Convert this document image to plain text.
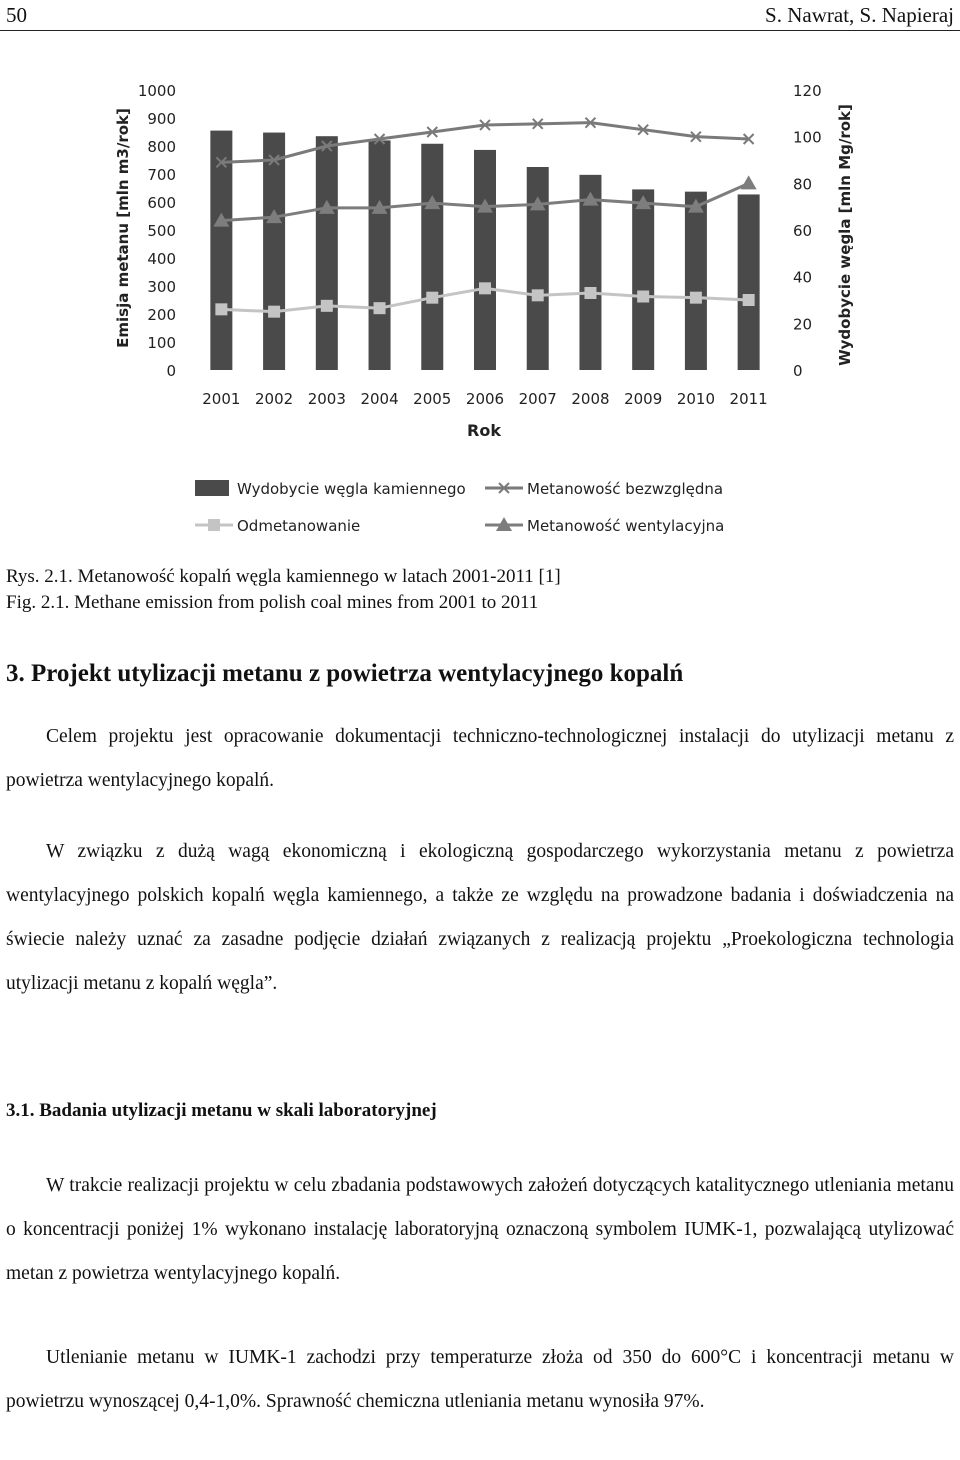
50	S. Nawrat, S. Napieraj
0
100
200
300
400
500
600
700
800
900
1000
0
20
40
60
80
100
120
2001 2002 2003 2004 2005 2006 2007 2008 2009 2010 2011
Emisja metanu [mln m3/rok]	Wydobycie węgla [mln Mg/rok]
Rok
Wydobycie węgla kamiennego	Metanowość bezwzględna
Odmetanowanie	Metanowość wentylacyjna
Rys. 2.1. Metanowość kopalń węgla kamiennego w latach 2001-2011 [1]
Fig. 2.1. Methane emission from polish coal mines from 2001 to 2011
3. Projekt utylizacji metanu z powietrza wentylacyjnego kopalń

Celem projektu jest opracowanie dokumentacji techniczno-technologicznej instalacji do utylizacji metanu z powietrza wentylacyjnego kopalń.

W związku z dużą wagą ekonomiczną i ekologiczną gospodarczego wykorzystania metanu z powietrza wentylacyjnego polskich kopalń węgla kamiennego, a także ze względu na prowadzone badania i doświadczenia na świecie należy uznać za zasadne podjęcie działań związanych z realizacją projektu „Proekologiczna technologia utylizacji metanu z kopalń węgla”.

3.1. Badania utylizacji metanu w skali laboratoryjnej

W trakcie realizacji projektu w celu zbadania podstawowych założeń dotyczących katalitycznego utleniania metanu o koncentracji poniżej 1% wykonano instalację laboratoryjną oznaczoną symbolem IUMK-1, pozwalającą utylizować metan z powietrza wentylacyjnego kopalń.

Utlenianie metanu w IUMK-1 zachodzi przy temperaturze złoża od 350 do 600°C i koncentracji metanu w powietrzu wynoszącej 0,4-1,0%. Sprawność chemiczna utleniania metanu wynosiła 97%.
